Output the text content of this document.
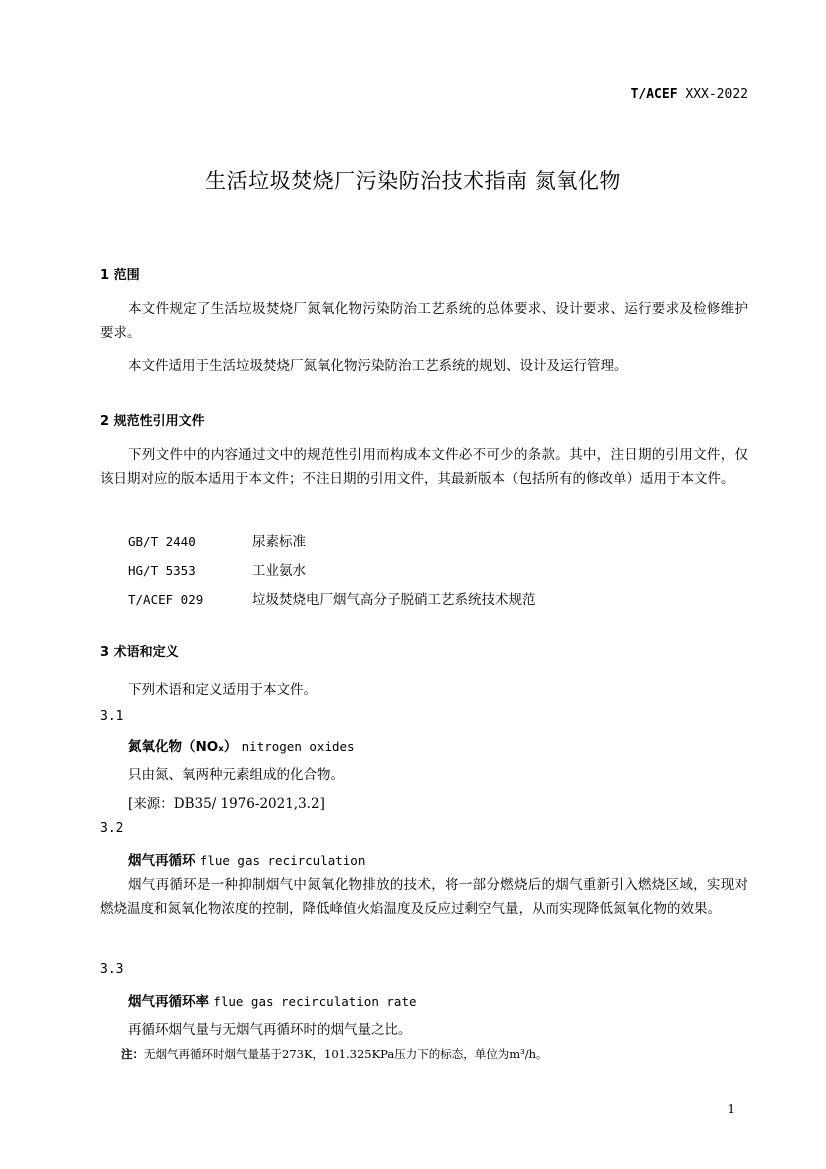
T/ACEF XXX-2022
生活垃圾焚烧厂污染防治技术指南 氮氧化物
1 范围
本文件规定了生活垃圾焚烧厂氮氧化物污染防治工艺系统的总体要求、设计要求、运行要求及检修维护要求。
本文件适用于生活垃圾焚烧厂氮氧化物污染防治工艺系统的规划、设计及运行管理。
2 规范性引用文件
下列文件中的内容通过文中的规范性引用而构成本文件必不可少的条款。其中，注日期的引用文件，仅该日期对应的版本适用于本文件；不注日期的引用文件，其最新版本（包括所有的修改单）适用于本文件。
GB/T 2440	尿素标准
HG/T 5353	工业氨水
T/ACEF 029	垃圾焚烧电厂烟气高分子脱硝工艺系统技术规范
3 术语和定义
下列术语和定义适用于本文件。
3.1
氮氧化物（NOₓ） nitrogen oxides
只由氮、氧两种元素组成的化合物。
[来源：DB35/ 1976-2021,3.2]
3.2
烟气再循环 flue gas recirculation
烟气再循环是一种抑制烟气中氮氧化物排放的技术，将一部分燃烧后的烟气重新引入燃烧区域，实现对燃烧温度和氮氧化物浓度的控制，降低峰值火焰温度及反应过剩空气量，从而实现降低氮氧化物的效果。
3.3
烟气再循环率 flue gas recirculation rate
再循环烟气量与无烟气再循环时的烟气量之比。
注：无烟气再循环时烟气量基于273K，101.325KPa压力下的标态，单位为m³/h。
1
